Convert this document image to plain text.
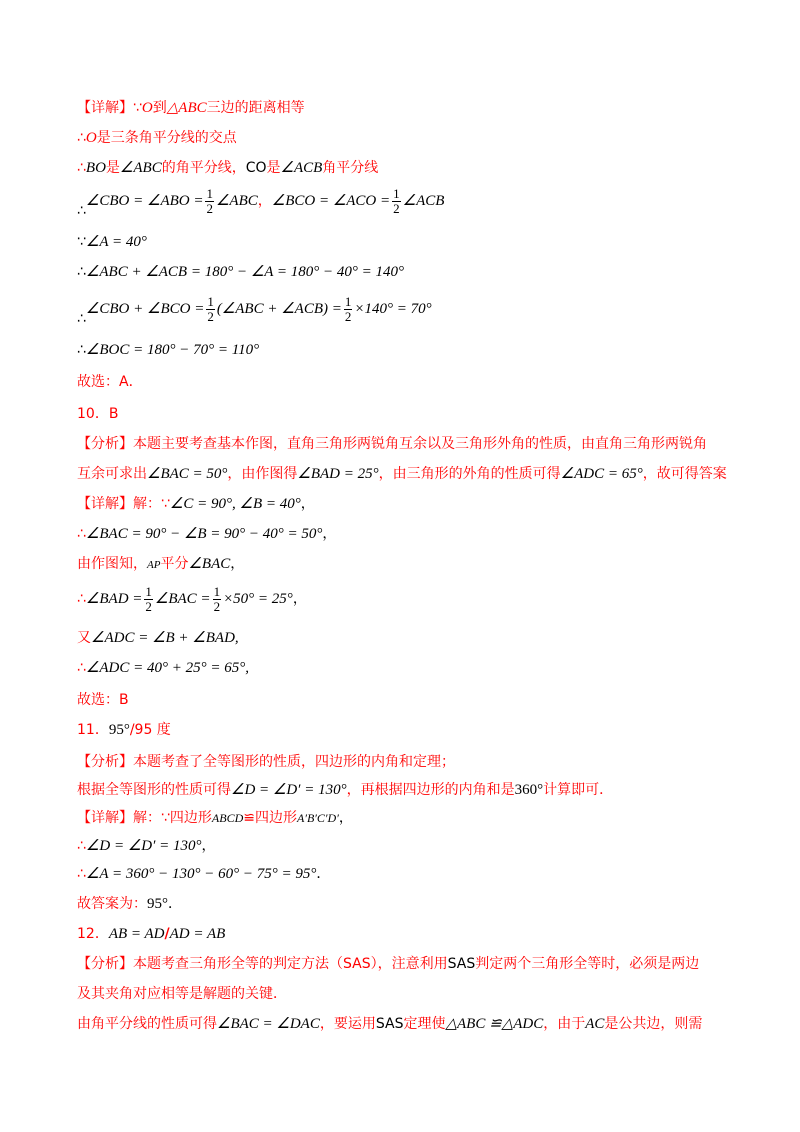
【详解】∵O到△ABC三边的距离相等
∴O是三条角平分线的交点
∴BO是∠ABC的角平分线，CO是∠ACB角平分线
∴∠CBO = ∠ABO = $\frac{1}{2}$ ∠ABC，∠BCO = ∠ACO = $\frac{1}{2}$ ∠ACB
∵∠A = 40°
∴∠ABC + ∠ACB = 180° − ∠A = 180° − 40° = 140°
∴∠CBO + ∠BCO = $\frac{1}{2}$ (∠ABC + ∠ACB) = $\frac{1}{2} \times 140^\circ = 70^\circ$
∴∠BOC = 180° − 70° = 110°
故选：A．
10．B
【分析】本题主要考查基本作图，直角三角形两锐角互余以及三角形外角的性质，由直角三角形两锐角
互余可求出∠BAC = 50°，由作图得∠BAD = 25°，由三角形的外角的性质可得∠ADC = 65°，故可得答案
【详解】解：∵∠C = 90°, ∠B = 40°，
∴∠BAC = 90° − ∠B = 90° − 40° = 50°，
由作图知，AP平分∠BAC，
∴∠BAD = $\frac{1}{2}$ ∠BAC = $\frac{1}{2} \times 50^\circ = 25^\circ$，
又∠ADC = ∠B + ∠BAD,
∴∠ADC = 40° + 25° = 65°,
故选：B
11．95°/95 度
【分析】本题考查了全等图形的性质，四边形的内角和定理；
根据全等图形的性质可得∠D = ∠D′ = 130°，再根据四边形的内角和是360°计算即可．
【详解】解：∵四边形ABCD≌四边形A′B′C′D′，
∴∠D = ∠D′ = 130°，
∴∠A = 360° − 130° − 60° − 75° = 95°．
故答案为：95°．
12．AB = AD/AD = AB
【分析】本题考查三角形全等的判定方法（SAS），注意利用SAS判定两个三角形全等时，必须是两边
及其夹角对应相等是解题的关键．
由角平分线的性质可得∠BAC = ∠DAC，要运用SAS定理使△ABC ≌△ADC，由于AC是公共边，则需
